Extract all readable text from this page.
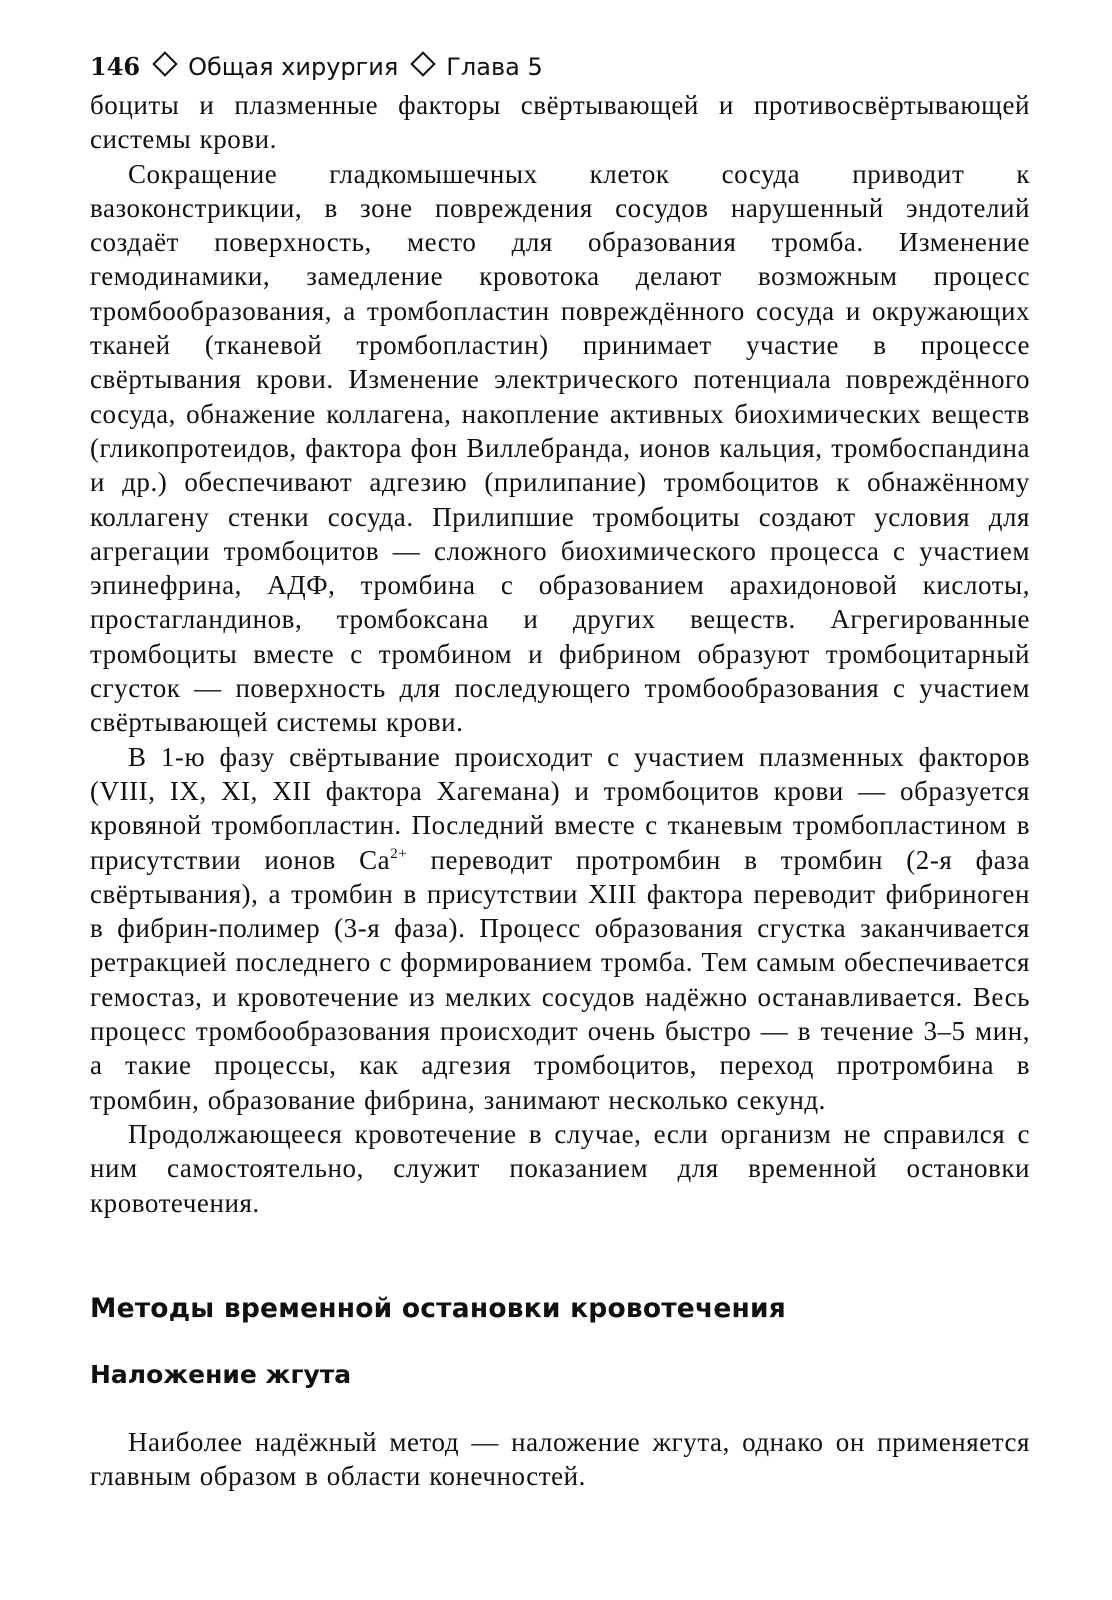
146 Общая хирургия Глава 5

боциты и плазменные факторы свёртывающей и противосвёртывающей системы крови.

Сокращение гладкомышечных клеток сосуда приводит к вазоконстрикции, в зоне повреждения сосудов нарушенный эндотелий создаёт поверхность, место для образования тромба. Изменение гемодинамики, замедление кровотока делают возможным процесс тромбообразования, а тромбопластин повреждённого сосуда и окружающих тканей (тканевой тромбопластин) принимает участие в процессе свёртывания крови. Изменение электрического потенциала повреждённого сосуда, обнажение коллагена, накопление активных биохимических веществ (гликопротеидов, фактора фон Виллебранда, ионов кальция, тромбоспандина и др.) обеспечивают адгезию (прилипание) тромбоцитов к обнажённому коллагену стенки сосуда. Прилипшие тромбоциты создают условия для агрегации тромбоцитов — сложного биохимического процесса с участием эпинефрина, АДФ, тромбина с образованием арахидоновой кислоты, простагландинов, тромбоксана и других веществ. Агрегированные тромбоциты вместе с тромбином и фибрином образуют тромбоцитарный сгусток — поверхность для последующего тромбообразования с участием свёртывающей системы крови.

В 1-ю фазу свёртывание происходит с участием плазменных факторов (VIII, IX, XI, XII фактора Хагемана) и тромбоцитов крови — образуется кровяной тромбопластин. Последний вместе с тканевым тромбопластином в присутствии ионов $Ca^{2+}$ переводит протромбин в тромбин (2-я фаза свёртывания), а тромбин в присутствии XIII фактора переводит фибриноген в фибрин-полимер (3-я фаза). Процесс образования сгустка заканчивается ретракцией последнего с формированием тромба. Тем самым обеспечивается гемостаз, и кровотечение из мелких сосудов надёжно останавливается. Весь процесс тромбообразования происходит очень быстро — в течение 3–5 мин, а такие процессы, как адгезия тромбоцитов, переход протромбина в тромбин, образование фибрина, занимают несколько секунд.

Продолжающееся кровотечение в случае, если организм не справился с ним самостоятельно, служит показанием для временной остановки кровотечения.

Методы временной остановки кровотечения
Наложение жгута

Наиболее надёжный метод — наложение жгута, однако он применяется главным образом в области конечностей.
